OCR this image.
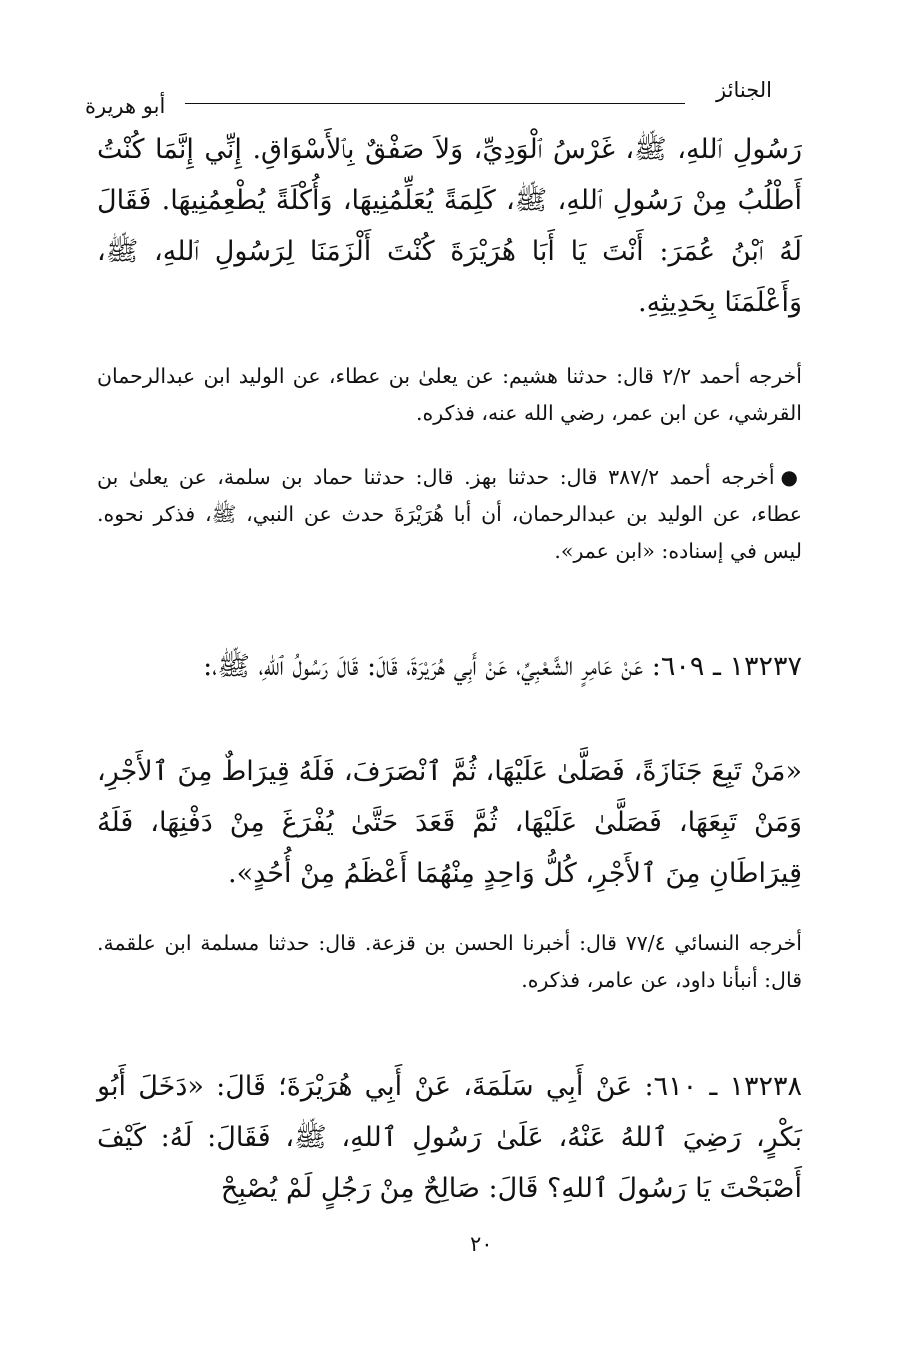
الجنائز
أبو هريرة

رَسُولِ ٱللهِ، ﷺ، غَرْسُ ٱلْوَدِيِّ، وَلاَ صَفْقٌ بِٱلأَسْوَاقِ. إِنِّي إِنَّمَا كُنْتُ أَطْلُبُ مِنْ رَسُولِ ٱللهِ، ﷺ، كَلِمَةً يُعَلِّمُنِيهَا، وَأُكْلَةً يُطْعِمُنِيهَا. فَقَالَ لَهُ ٱبْنُ عُمَرَ: أَنْتَ يَا أَبَا هُرَيْرَةَ كُنْتَ أَلْزَمَنَا لِرَسُولِ ٱللهِ، ﷺ، وَأَعْلَمَنَا بِحَدِيثِهِ.

أخرجه أحمد ٢/٢ قال: حدثنا هشيم: عن يعلىٰ بن عطاء، عن الوليد ابن عبدالرحمان القرشي، عن ابن عمر، رضي الله عنه، فذكره.

●أخرجه أحمد ٣٨٧/٢ قال: حدثنا بهز. قال: حدثنا حماد بن سلمة، عن يعلىٰ بن عطاء، عن الوليد بن عبدالرحمان، أن أبا هُرَيْرَةَ حدث عن النبي، ﷺ، فذكر نحوه. ليس في إسناده: «ابن عمر».

١٣٢٣٧ ـ ٦٠٩: عَنْ عَامِرٍ الشَّعْبِيِّ، عَنْ أَبِي هُرَيْرَةَ، قَالَ: قَالَ رَسُولُ ٱللهِ، ﷺ،:

«مَنْ تَبِعَ جَنَازَةً، فَصَلَّىٰ عَلَيْهَا، ثُمَّ ٱنْصَرَفَ، فَلَهُ قِيرَاطٌ مِنَ ٱلأَجْرِ، وَمَنْ تَبِعَهَا، فَصَلَّىٰ عَلَيْهَا، ثُمَّ قَعَدَ حَتَّىٰ يُفْرَغَ مِنْ دَفْنِهَا، فَلَهُ قِيرَاطَانِ مِنَ ٱلأَجْرِ، كُلُّ وَاحِدٍ مِنْهُمَا أَعْظَمُ مِنْ أُحُدٍ».

أخرجه النسائي ٧٧/٤ قال: أخبرنا الحسن بن قزعة. قال: حدثنا مسلمة ابن علقمة. قال: أنبأنا داود، عن عامر، فذكره.

١٣٢٣٨ ـ ٦١٠: عَنْ أَبِي سَلَمَةَ، عَنْ أَبِي هُرَيْرَةَ؛ قَالَ: «دَخَلَ أَبُو بَكْرٍ، رَضِيَ ٱللهُ عَنْهُ، عَلَىٰ رَسُولِ ٱللهِ، ﷺ، فَقَالَ: لَهُ: كَيْفَ أَصْبَحْتَ يَا رَسُولَ ٱللهِ؟ قَالَ: صَالِحٌ مِنْ رَجُلٍ لَمْ يُصْبِحْ

٢٠
